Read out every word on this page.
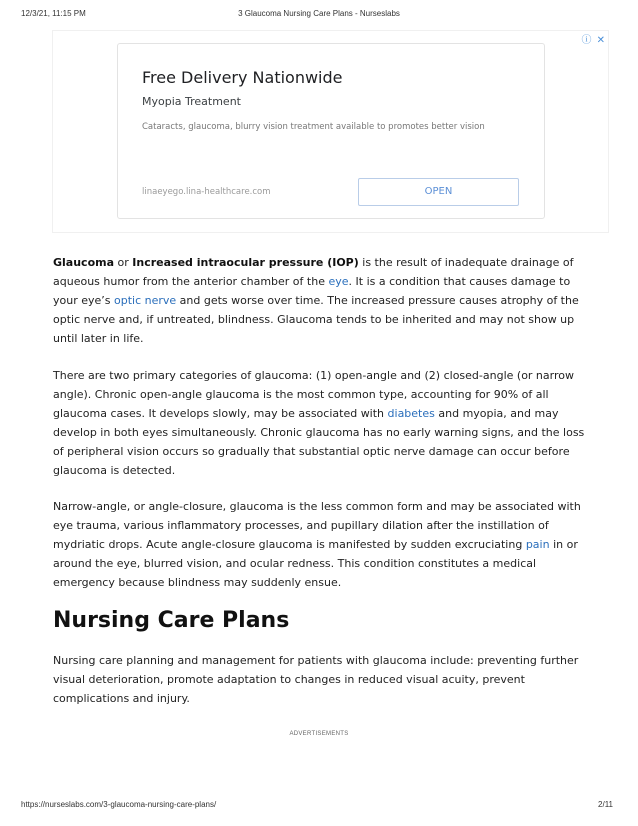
12/3/21, 11:15 PM	3 Glaucoma Nursing Care Plans - Nurseslabs
ⓘ ✕
Free Delivery Nationwide
Myopia Treatment
Cataracts, glaucoma, blurry vision treatment available to promotes better vision
linaeyego.lina-healthcare.com	OPEN

Glaucoma or Increased intraocular pressure (IOP) is the result of inadequate drainage of aqueous humor from the anterior chamber of the eye. It is a condition that causes damage to your eye’s optic nerve and gets worse over time. The increased pressure causes atrophy of the optic nerve and, if untreated, blindness. Glaucoma tends to be inherited and may not show up until later in life.

There are two primary categories of glaucoma: (1) open-angle and (2) closed-angle (or narrow angle). Chronic open-angle glaucoma is the most common type, accounting for 90% of all glaucoma cases. It develops slowly, may be associated with diabetes and myopia, and may develop in both eyes simultaneously. Chronic glaucoma has no early warning signs, and the loss of peripheral vision occurs so gradually that substantial optic nerve damage can occur before glaucoma is detected.

Narrow-angle, or angle-closure, glaucoma is the less common form and may be associated with eye trauma, various inflammatory processes, and pupillary dilation after the instillation of mydriatic drops. Acute angle-closure glaucoma is manifested by sudden excruciating pain in or around the eye, blurred vision, and ocular redness. This condition constitutes a medical emergency because blindness may suddenly ensue.

Nursing Care Plans

Nursing care planning and management for patients with glaucoma include: preventing further visual deterioration, promote adaptation to changes in reduced visual acuity, prevent complications and injury.

ADVERTISEMENTS
https://nurseslabs.com/3-glaucoma-nursing-care-plans/	2/11
